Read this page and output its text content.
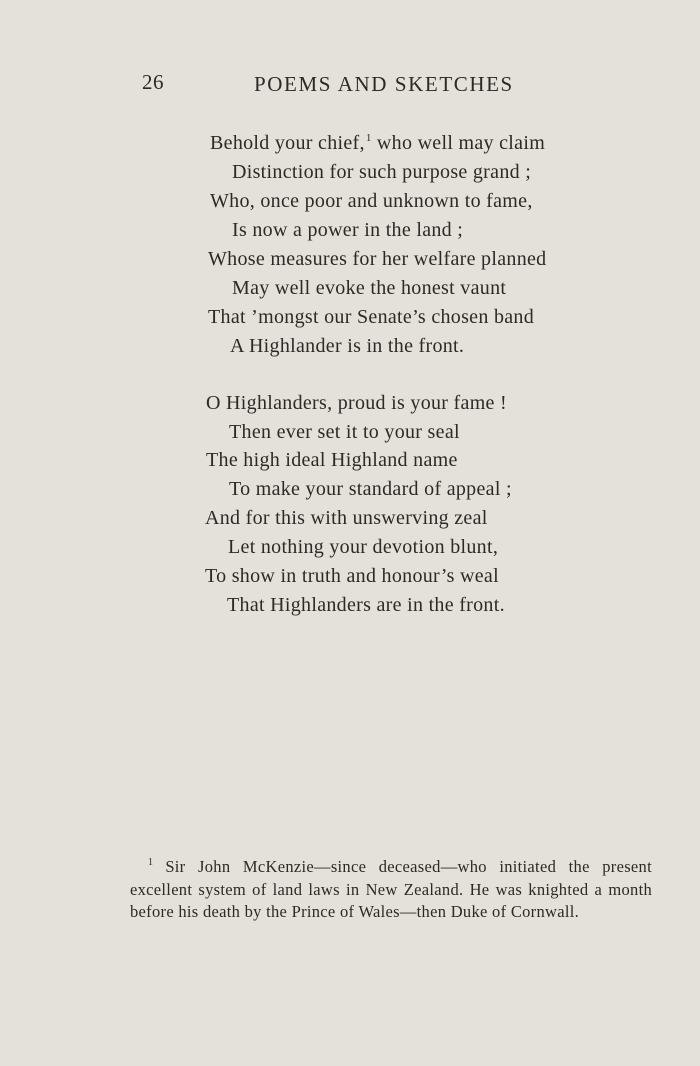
26	POEMS AND SKETCHES
Behold your chief,$^1$ who well may claim
Distinction for such purpose grand ;
Who, once poor and unknown to fame,
Is now a power in the land ;
Whose measures for her welfare planned
May well evoke the honest vaunt
That ’mongst our Senate’s chosen band
A Highlander is in the front.
O Highlanders, proud is your fame !
Then ever set it to your seal
The high ideal Highland name
To make your standard of appeal ;
And for this with unswerving zeal
Let nothing your devotion blunt,
To show in truth and honour’s weal
That Highlanders are in the front.
$^1$ Sir John McKenzie—since deceased—who initiated the present excellent system of land laws in New Zealand. He was knighted a month before his death by the Prince of Wales—then Duke of Cornwall.
